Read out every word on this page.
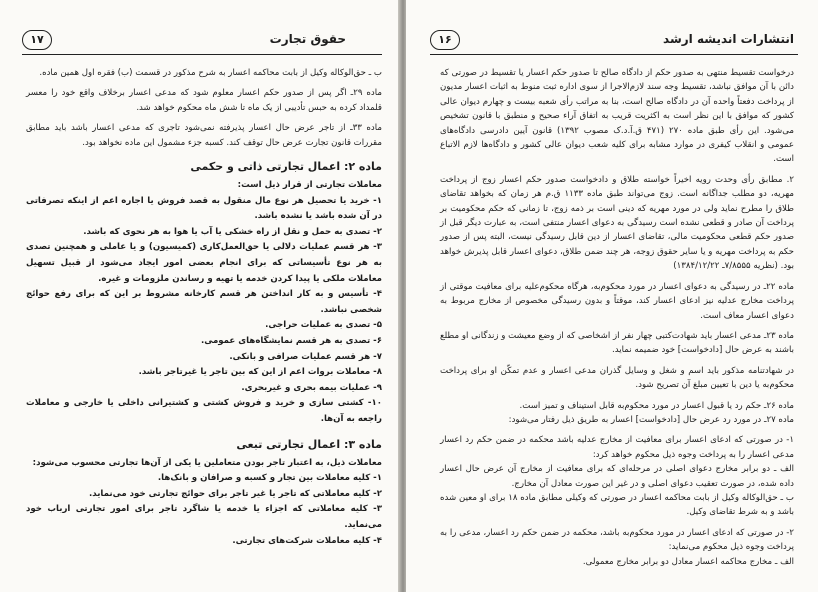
۱۷	حقوق تجارت

ب ـ حق‌الوکاله وکیل از بابت محاکمه اعسار به شرح مذکور در قسمت (ب) فقره اول همین ماده.

ماده ۲۹ـ اگر پس از صدور حکم اعسار معلوم شود که مدعی اعسار برخلاف واقع خود را معسر قلمداد کرده به حبس تأدیبی از یک ماه تا شش ماه محکوم خواهد شد.

ماده ۳۳ـ از تاجر عرض حال اعسار پذیرفته نمی‌شود تاجری که مدعی اعسار باشد باید مطابق مقررات قانون تجارت عرض حال توقف کند. کسبه جزء مشمول این ماده نخواهد بود.

ماده ۲: اعمال تجارتی ذاتی و حکمی

معاملات تجارتی از قرار ذیل است:

۱- خرید یا تحصیل هر نوع مال منقول به قصد فروش یا اجاره اعم از اینکه تصرفاتی در آن شده باشد یا نشده باشد.

۲- تصدی به حمل و نقل از راه خشکی یا آب یا هوا به هر نحوی که باشد.

۳- هر قسم عملیات دلالی یا حق‌العمل‌کاری (کمیسیون) و یا عاملی و همچنین تصدی به هر نوع تأسیساتی که برای انجام بعضی امور ایجاد می‌شود از قبیل تسهیل معاملات ملکی یا پیدا کردن خدمه یا تهیه و رساندن ملزومات و غیره.

۴- تأسیس و به کار انداختن هر قسم کارخانه مشروط بر این که برای رفع حوائج شخصی نباشد.

۵- تصدی به عملیات حراجی.

۶- تصدی به هر قسم نمایشگاه‌های عمومی.

۷- هر قسم عملیات صرافی و بانکی.

۸- معاملات بروات اعم از این که بین تاجر یا غیرتاجر باشد.

۹- عملیات بیمه بحری و غیربحری.

۱۰- کشتی سازی و خرید و فروش کشتی و کشتیرانی داخلی یا خارجی و معاملات راجعه به آن‌ها.

ماده ۳: اعمال تجارتی تبعی

معاملات ذیل، به اعتبار تاجر بودن متعاملین یا یکی از آن‌ها تجارتی محسوب می‌شود:

۱- کلیه معاملات بین تجار و کسبه و صرافان و بانک‌ها.

۲- کلیه معاملاتی که تاجر یا غیر تاجر برای حوائج تجارتی خود می‌نماید.

۳- کلیه معاملاتی که اجزاء یا خدمه یا شاگرد تاجر برای امور تجارتی ارباب خود می‌نماید.

۴- کلیه معاملات شرکت‌های تجارتی.

۱۶	انتشارات اندیشه ارشد

درخواست تقسیط منتهی به صدور حکم از دادگاه صالح تا صدور حکم اعسار یا تقسیط در صورتی که دائن با آن موافق نباشد، تقسیط وجه سند لازم‌الاجرا از سوی اداره ثبت منوط به اثبات اعسار مدیون از پرداخت دفعتاً واحده آن در دادگاه صالح است، بنا به مراتب رأی شعبه بیست و چهارم دیوان عالی کشور که موافق با این نظر است به اکثریت قریب به اتفاق آراء صحیح و منطبق با قانون تشخیص می‌شود. این رأی طبق ماده ۲۷۰ (۴۷۱ ق.آ.د.ک مصوب ۱۳۹۲) قانون آیین دادرسی دادگاه‌های عمومی و انقلاب کیفری در موارد مشابه برای کلیه شعب دیوان عالی کشور و دادگاه‌ها لازم الاتباع است.

۲. مطابق رأی وحدت رویه اخیراً خواسته طلاق و دادخواست صدور حکم اعسار زوج از پرداخت مهریه، دو مطلب جداگانه است. زوج می‌تواند طبق ماده ۱۱۳۳ ق.م هر زمان که بخواهد تقاضای طلاق را مطرح نماید ولی در مورد مهریه که دینی است بر ذمه زوج، تا زمانی که حکم محکومیت بر پرداخت آن صادر و قطعی نشده است رسیدگی به دعوای اعسار منتفی است، به عبارت دیگر قبل از صدور حکم قطعی محکومیت مالی، تقاضای اعسار از دین قابل رسیدگی نیست، البته پس از صدور حکم به پرداخت مهریه و یا سایر حقوق زوجه، هر چند ضمن طلاق، دعوای اعسار قابل پذیرش خواهد بود. (نظریه ۷/۸۵۵۵ـ ۱۳۸۴/۱۲/۲۲)

ماده ۲۲ـ در رسیدگی به دعوای اعسار در مورد محکوم‌به، هرگاه محکوم‌علیه برای معافیت موقتی از پرداخت مخارج عدلیه نیز ادعای اعسار کند، موقتاً و بدون رسیدگی مخصوص از مخارج مربوط به دعوای اعسار معاف است.

ماده ۲۳ـ مدعی اعسار باید شهادت‌کتبی چهار نفر از اشخاصی که از وضع معیشت و زندگانی او مطلع باشند به عرض حال [دادخواست] خود ضمیمه نماید.

در شهادتنامه مذکور باید اسم و شغل و وسایل گذران مدعی اعسار و عدم تمکّن او برای پرداخت محکوم‌به یا دین با تعیین مبلغ آن تصریح شود.

ماده ۲۶ـ حکم رد یا قبول اعسار در مورد محکوم‌به قابل استیناف و تمیز است.

ماده ۲۷ـ در مورد رد عرض حال [دادخواست] اعسار به طریق ذیل رفتار می‌شود:

۱- در صورتی که ادعای اعسار برای معافیت از مخارج عدلیه باشد محکمه در ضمن حکم رد اعسار مدعی اعسار را به پرداخت وجوه ذیل محکوم خواهد کرد:

الف ـ دو برابر مخارج دعوای اصلی در مرحله‌ای که برای معافیت از مخارج آن عرض حال اعسار داده شده، در صورت تعقیب دعوای اصلی و در غیر این صورت معادل آن مخارج.

ب ـ حق‌الوکاله وکیل از بابت محاکمه اعسار در صورتی که وکیلی مطابق ماده ۱۸ برای او معین شده باشد و به شرط تقاضای وکیل.

۲- در صورتی که ادعای اعسار در مورد محکوم‌به باشد، محکمه در ضمن حکم رد اعسار، مدعی را به پرداخت وجوه ذیل محکوم می‌نماید:

الف ـ مخارج محاکمه اعسار معادل دو برابر مخارج معمولی.
